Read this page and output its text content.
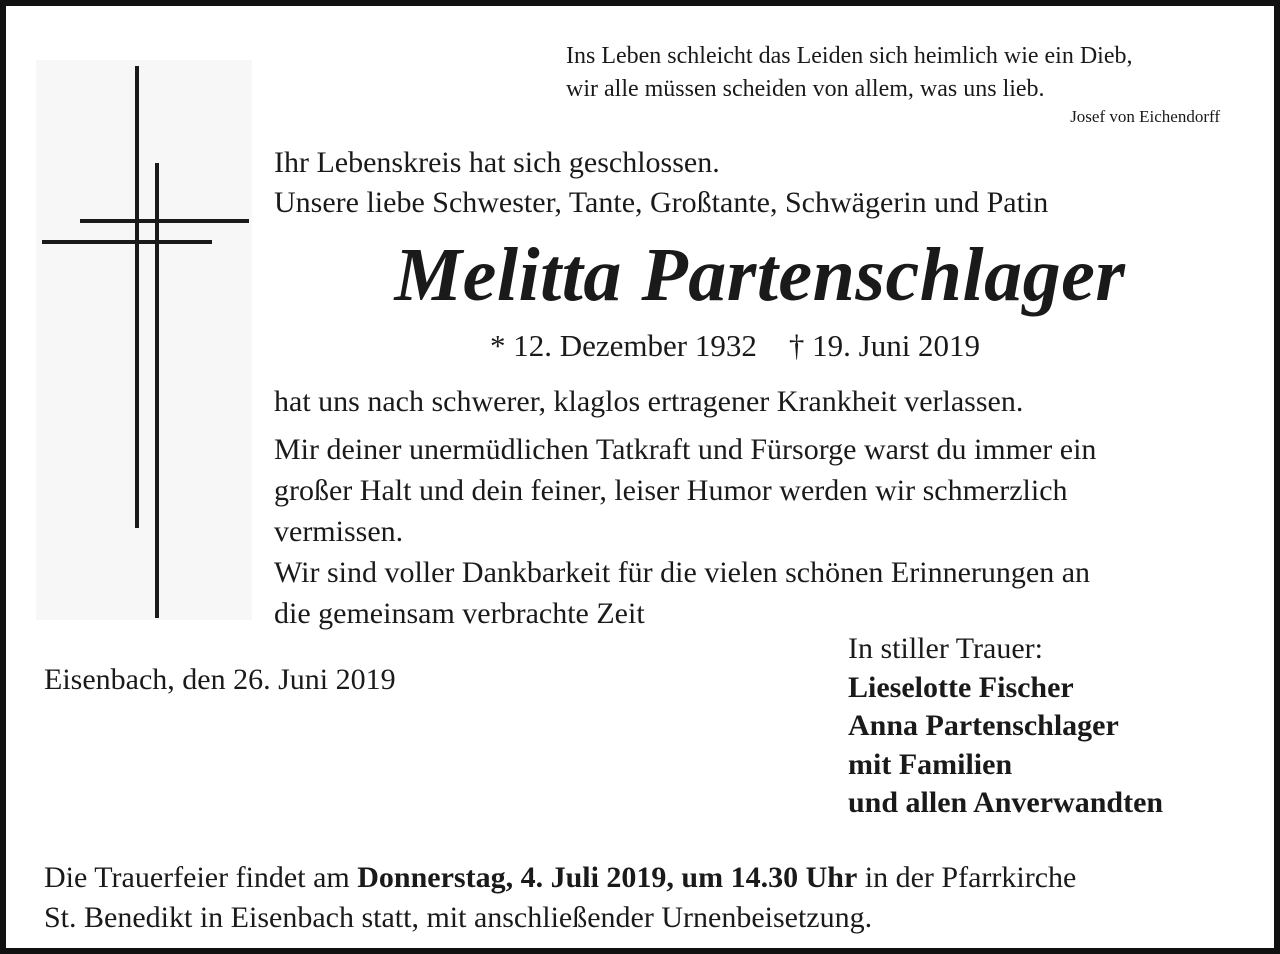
Ins Leben schleicht das Leiden sich heimlich wie ein Dieb,
wir alle müssen scheiden von allem, was uns lieb.
Josef von Eichendorff
Ihr Lebenskreis hat sich geschlossen.
Unsere liebe Schwester, Tante, Großtante, Schwägerin und Patin
Melitta Partenschlager
* 12. Dezember 1932 † 19. Juni 2019

hat uns nach schwerer, klaglos ertragener Krankheit verlassen.

Mir deiner unermüdlichen Tatkraft und Fürsorge warst du immer ein

großer Halt und dein feiner, leiser Humor werden wir schmerzlich

vermissen.

Wir sind voller Dankbarkeit für die vielen schönen Erinnerungen an

die gemeinsam verbrachte Zeit

Eisenbach, den 26. Juni 2019
In stiller Trauer:
Lieselotte Fischer
Anna Partenschlager
mit Familien
und allen Anverwandten
Die Trauerfeier findet am Donnerstag, 4. Juli 2019, um 14.30 Uhr in der Pfarrkirche
St. Benedikt in Eisenbach statt, mit anschließender Urnenbeisetzung.
